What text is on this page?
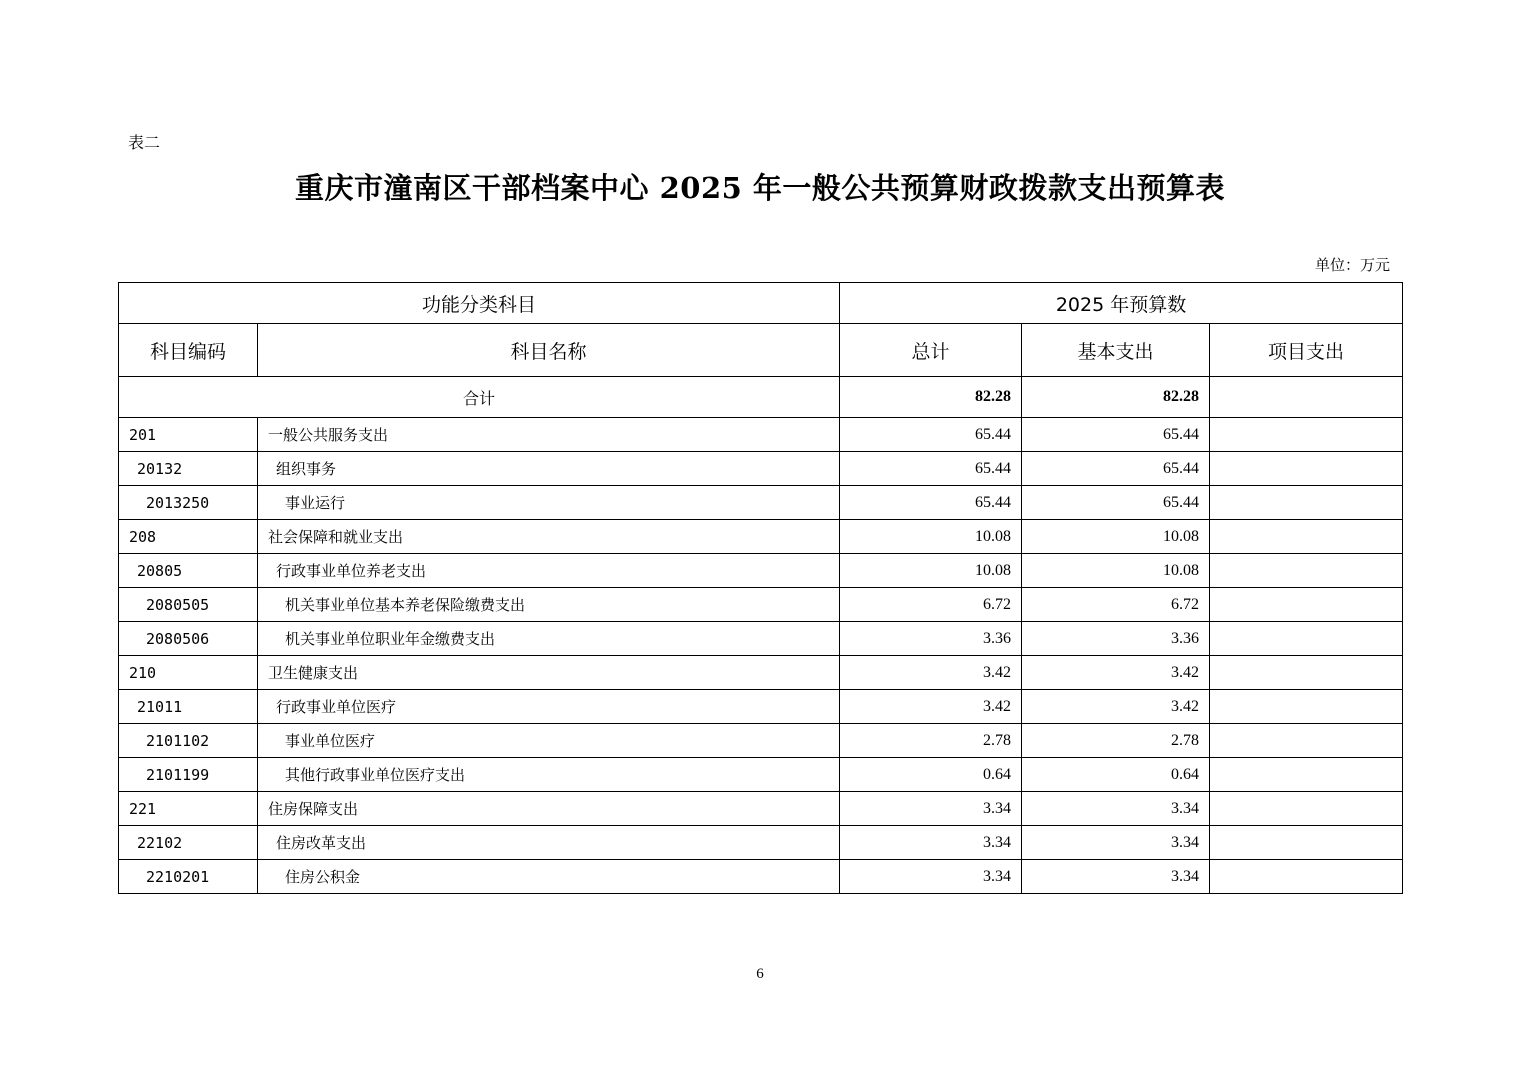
表二
重庆市潼南区干部档案中心 2025 年一般公共预算财政拨款支出预算表
单位：万元
功能分类科目		2025 年预算数		
科目编码	科目名称	总计	基本支出	项目支出
合计		82.28	82.28	
201	一般公共服务支出	65.44	65.44	
20132	组织事务	65.44	65.44	
2013250	事业运行	65.44	65.44	
208	社会保障和就业支出	10.08	10.08	
20805	行政事业单位养老支出	10.08	10.08	
2080505	机关事业单位基本养老保险缴费支出	6.72	6.72	
2080506	机关事业单位职业年金缴费支出	3.36	3.36	
210	卫生健康支出	3.42	3.42	
21011	行政事业单位医疗	3.42	3.42	
2101102	事业单位医疗	2.78	2.78	
2101199	其他行政事业单位医疗支出	0.64	0.64	
221	住房保障支出	3.34	3.34	
22102	住房改革支出	3.34	3.34	
2210201	住房公积金	3.34	3.34	
6
